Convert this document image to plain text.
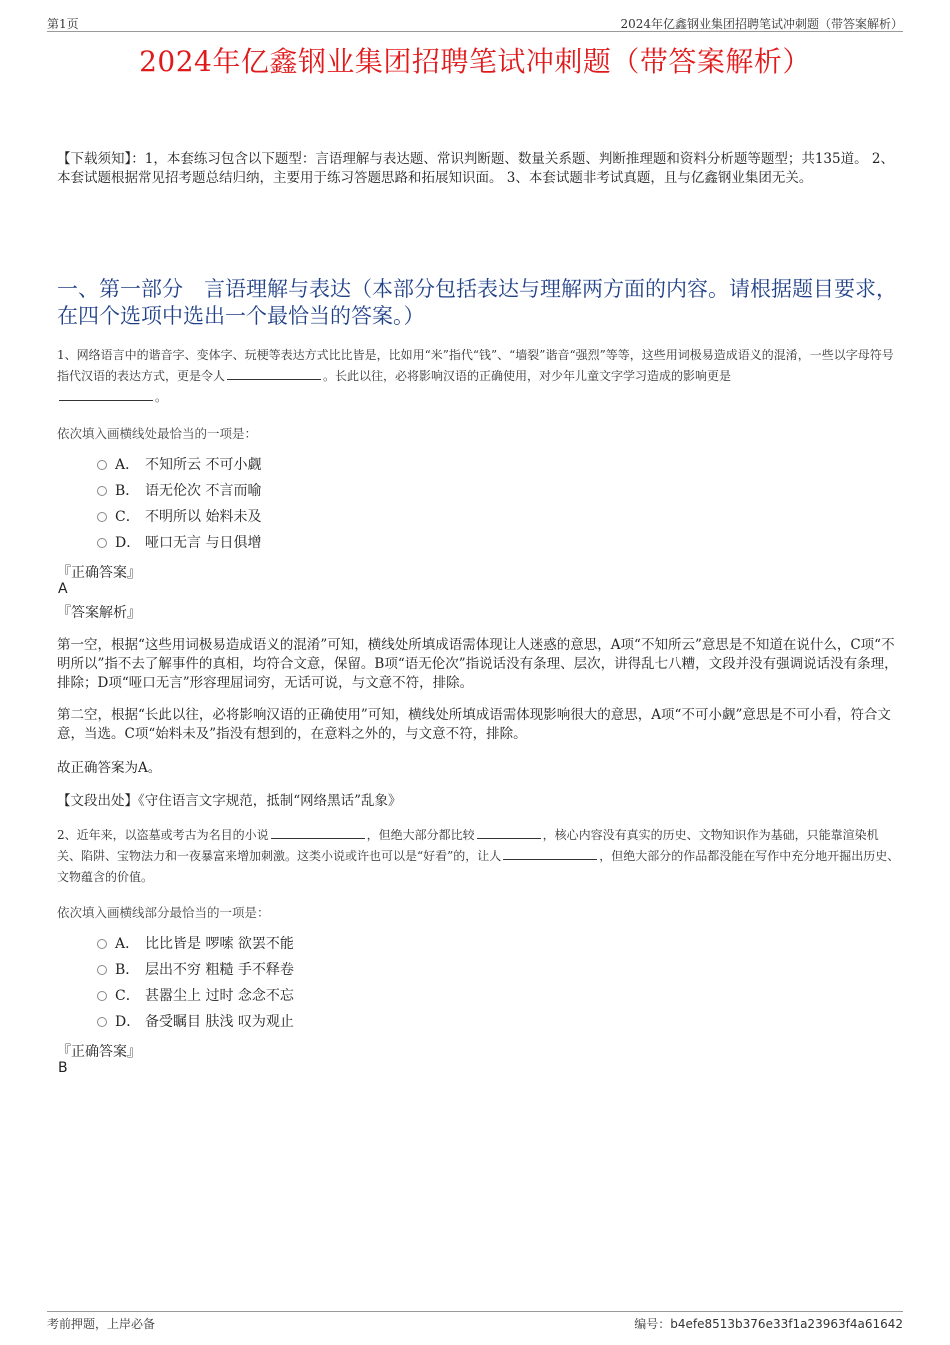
第1页	2024年亿鑫钢业集团招聘笔试冲刺题（带答案解析）
2024年亿鑫钢业集团招聘笔试冲刺题（带答案解析）
【下载须知】：1，本套练习包含以下题型：言语理解与表达题、常识判断题、数量关系题、判断推理题和资料分析题等题型；共135道。 2、本套试题根据常见招考题总结归纳，主要用于练习答题思路和拓展知识面。 3、本套试题非考试真题，且与亿鑫钢业集团无关。
一、第一部分　言语理解与表达（本部分包括表达与理解两方面的内容。请根据题目要求，在四个选项中选出一个最恰当的答案。）
1、网络语言中的谐音字、变体字、玩梗等表达方式比比皆是，比如用“米”指代“钱”、“墙裂”谐音“强烈”等等，这些用词极易造成语义的混淆，一些以字母符号指代汉语的表达方式，更是令人	。长此以往，必将影响汉语的正确使用，对少年儿童文字学习造成的影响更是
。
依次填入画横线处最恰当的一项是：
A． 不知所云 不可小觑
B． 语无伦次 不言而喻
C． 不明所以 始料未及
D． 哑口无言 与日俱增
『正确答案』
A
『答案解析』
第一空，根据“这些用词极易造成语义的混淆”可知，横线处所填成语需体现让人迷惑的意思，A项“不知所云”意思是不知道在说什么，C项“不明所以”指不去了解事件的真相，均符合文意，保留。B项“语无伦次”指说话没有条理、层次，讲得乱七八糟，文段并没有强调说话没有条理，排除；D项“哑口无言”形容理屈词穷，无话可说，与文意不符，排除。
第二空，根据“长此以往，必将影响汉语的正确使用”可知，横线处所填成语需体现影响很大的意思，A项“不可小觑”意思是不可小看，符合文意，当选。C项“始料未及”指没有想到的，在意料之外的，与文意不符，排除。
故正确答案为A。
【文段出处】《守住语言文字规范，抵制“网络黑话”乱象》
2、近年来，以盗墓或考古为名目的小说	，但绝大部分都比较	，核心内容没有真实的历史、文物知识作为基础，只能靠渲染机关、陷阱、宝物法力和一夜暴富来增加刺激。这类小说或许也可以是“好看”的，让人	，但绝大部分的作品都没能在写作中充分地开掘出历史、文物蕴含的价值。
依次填入画横线部分最恰当的一项是：
A． 比比皆是 啰嗦 欲罢不能
B． 层出不穷 粗糙 手不释卷
C． 甚嚣尘上 过时 念念不忘
D． 备受瞩目 肤浅 叹为观止
『正确答案』
B
考前押题，上岸必备	编号：b4efe8513b376e33f1a23963f4a61642
